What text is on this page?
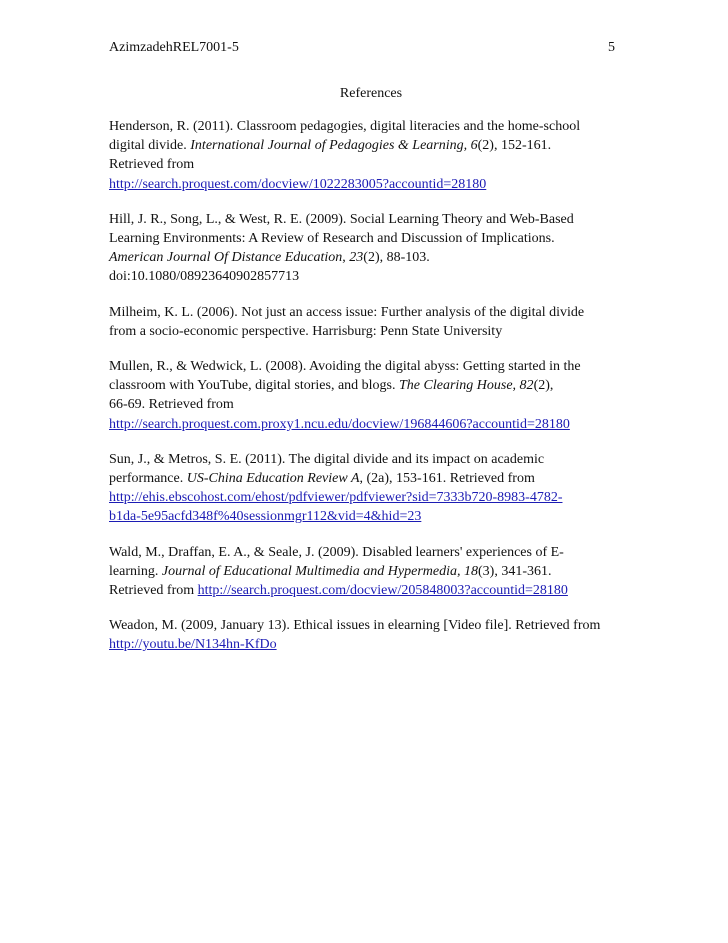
AzimzadehREL7001-5	5
References
Henderson, R. (2011). Classroom pedagogies, digital literacies and the home-school
digital divide. International Journal of Pedagogies & Learning, 6(2), 152-161.
Retrieved from
http://search.proquest.com/docview/1022283005?accountid=28180
Hill, J. R., Song, L., & West, R. E. (2009). Social Learning Theory and Web-Based
Learning Environments: A Review of Research and Discussion of Implications.
American Journal Of Distance Education, 23(2), 88-103.
doi:10.1080/08923640902857713
Milheim, K. L. (2006). Not just an access issue: Further analysis of the digital divide
from a socio-economic perspective. Harrisburg: Penn State University
Mullen, R., & Wedwick, L. (2008). Avoiding the digital abyss: Getting started in the
classroom with YouTube, digital stories, and blogs. The Clearing House, 82(2),
66-69. Retrieved from
http://search.proquest.com.proxy1.ncu.edu/docview/196844606?accountid=28180
Sun, J., & Metros, S. E. (2011). The digital divide and its impact on academic
performance. US-China Education Review A, (2a), 153-161. Retrieved from
http://ehis.ebscohost.com/ehost/pdfviewer/pdfviewer?sid=7333b720-8983-4782-
b1da-5e95acfd348f%40sessionmgr112&vid=4&hid=23
Wald, M., Draffan, E. A., & Seale, J. (2009). Disabled learners' experiences of E-
learning. Journal of Educational Multimedia and Hypermedia, 18(3), 341-361.
Retrieved from http://search.proquest.com/docview/205848003?accountid=28180
Weadon, M. (2009, January 13). Ethical issues in elearning [Video file]. Retrieved from
http://youtu.be/N134hn-KfDo
